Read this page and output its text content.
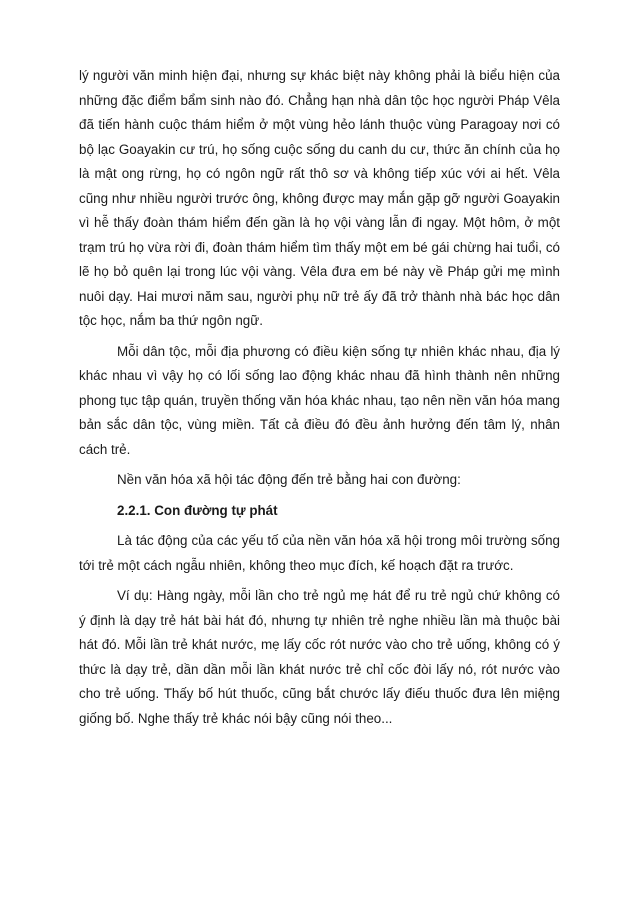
lý người văn minh hiện đại, nhưng sự khác biệt này không phải là biểu hiện của những đặc điểm bẩm sinh nào đó. Chẳng hạn nhà dân tộc học người Pháp Vêla đã tiến hành cuộc thám hiểm ở một vùng hẻo lánh thuộc vùng Paragoay nơi có bộ lạc Goayakin cư trú, họ sống cuộc sống du canh du cư, thức ăn chính của họ là mật ong rừng, họ có ngôn ngữ rất thô sơ và không tiếp xúc với ai hết. Vêla cũng như nhiều người trước ông, không được may mắn gặp gỡ người Goayakin vì hễ thấy đoàn thám hiểm đến gần là họ vội vàng lẫn đi ngay. Một hôm, ở một trạm trú họ vừa rời đi, đoàn thám hiểm tìm thấy một em bé gái chừng hai tuổi, có lẽ họ bỏ quên lại trong lúc vội vàng. Vêla đưa em bé này về Pháp gửi mẹ mình nuôi dạy. Hai mươi năm sau, người phụ nữ trẻ ấy đã trở thành nhà bác học dân tộc học, nắm ba thứ ngôn ngữ.

Mỗi dân tộc, mỗi địa phương có điều kiện sống tự nhiên khác nhau, địa lý khác nhau vì vậy họ có lối sống lao động khác nhau đã hình thành nên những phong tục tập quán, truyền thống văn hóa khác nhau, tạo nên nền văn hóa mang bản sắc dân tộc, vùng miền. Tất cả điều đó đều ảnh hưởng đến tâm lý, nhân cách trẻ.

Nền văn hóa xã hội tác động đến trẻ bằng hai con đường:

2.2.1. Con đường tự phát

Là tác động của các yếu tố của nền văn hóa xã hội trong môi trường sống tới trẻ một cách ngẫu nhiên, không theo mục đích, kế hoạch đặt ra trước.

Ví dụ: Hàng ngày, mỗi lần cho trẻ ngủ mẹ hát để ru trẻ ngủ chứ không có ý định là dạy trẻ hát bài hát đó, nhưng tự nhiên trẻ nghe nhiều lần mà thuộc bài hát đó. Mỗi lần trẻ khát nước, mẹ lấy cốc rót nước vào cho trẻ uống, không có ý thức là dạy trẻ, dần dần mỗi lần khát nước trẻ chỉ cốc đòi lấy nó, rót nước vào cho trẻ uống. Thấy bố hút thuốc, cũng bắt chước lấy điếu thuốc đưa lên miệng giống bố. Nghe thấy trẻ khác nói bậy cũng nói theo...
